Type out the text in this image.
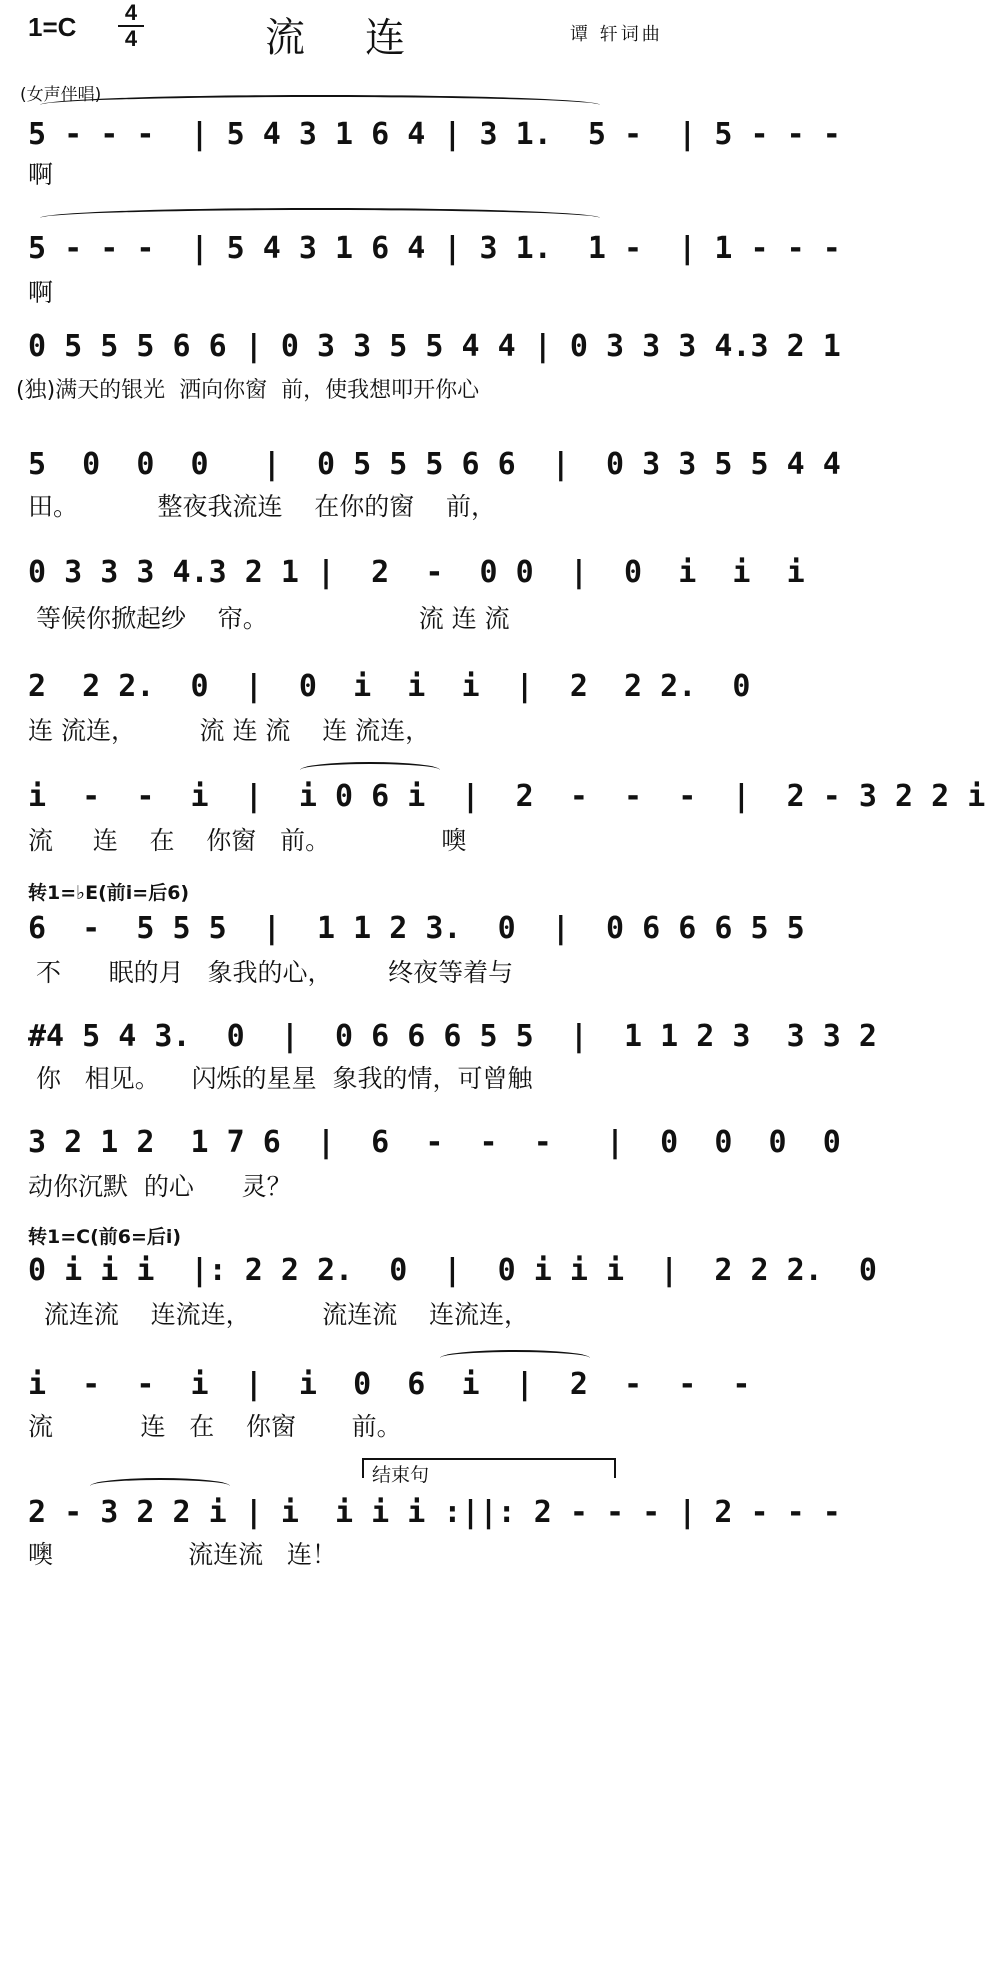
1=C	4
4	流连	谭 轩词曲
(女声伴唱)
5 - - -  | 5 4 3 1 6 4 | 3 1.  5 -  | 5 - - -
啊
5 - - -  | 5 4 3 1 6 4 | 3 1.  1 -  | 1 - - -
啊
0 5 5 5 6 6 | 0 3 3 5 5 4 4 | 0 3 3 3 4.3 2 1
(独)满天的银光  洒向你窗  前，使我想叩开你心
5  0  0  0   |  0 5 5 5 6 6  |  0 3 3 5 5 4 4
田。          整夜我流连    在你的窗    前，
0 3 3 3 4.3 2 1 |  2  -  0 0  |  0  i  i  i
等候你掀起纱    帘。                   流 连 流
2  2 2.  0  |  0  i  i  i  |  2  2 2.  0
连 流连，        流 连 流    连 流连，
i  -  -  i  |  i 0 6 i  |  2  -  -  -  |  2 - 3 2 2 i
流     连    在    你窗   前。              噢
转1=♭E(前i=后6)
6  -  5 5 5  |  1 1 2 3.  0  |  0 6 6 6 5 5
不      眠的月   象我的心，       终夜等着与
#4 5 4 3.  0  |  0 6 6 6 5 5  |  1 1 2 3  3 3 2
你   相见。    闪烁的星星  象我的情，可曾触
3 2 1 2  1 7 6  |  6  -  -  -   |  0  0  0  0
动你沉默  的心      灵？
转1=C(前6=后i)
0 i i i  |: 2 2 2.  0  |  0 i i i  |  2 2 2.  0
流连流    连流连，         流连流    连流连，
i  -  -  i  |  i  0  6  i  |  2  -  -  -
流           连   在    你窗       前。
结束句
2 - 3 2 2 i | i  i i i :||: 2 - - - | 2 - - -
噢                 流连流   连！
